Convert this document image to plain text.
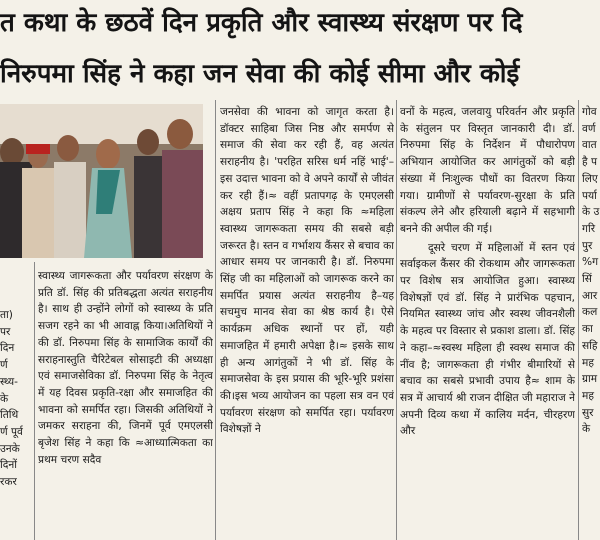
त कथा के छठवें दिन प्रकृति और स्वास्थ्य संरक्षण पर दि
निरुपमा सिंह ने कहा जन सेवा की कोई सीमा और कोई

ता)

पर

दिन

र्ण

स्थ्य-

के

तिथि

र्ण पूर्व

उनके

दिनों

रकर

स्वास्थ्य जागरूकता और पर्यावरण संरक्षण के प्रति डॉ. सिंह की प्रतिबद्धता अत्यंत सराहनीय है। साथ ही उन्होंने लोगों को स्वास्थ्य के प्रति सजग रहने का भी आवाह्न किया।अतिथियों ने की डॉ. निरुपमा सिंह के सामाजिक कार्यों की सराहनास्तुति चैरिटेबल सोसाइटी की अध्यक्षा एवं समाजसेविका डॉ. निरुपमा सिंह के नेतृत्व में यह दिवस प्रकृति-रक्षा और समाजहित की भावना को समर्पित रहा। जिसकी अतिथियों ने जमकर सराहना की, जिनमें पूर्व एमएलसी बृजेश सिंह ने कहा कि ≈आध्यात्मिकता का प्रथम चरण सदैव

जनसेवा की भावना को जागृत करता है। डॉक्टर साहिबा जिस निष्ठ और समर्पण से समाज की सेवा कर रही हैं, वह अत्यंत सराहनीय है। 'परहित सरिस धर्म नहिं भाई'–इस उदात्त भावना को वे अपने कार्यों से जीवंत कर रही हैं।≈ वहीं प्रतापगढ़ के एमएलसी अक्षय प्रताप सिंह ने कहा कि ≈महिला स्वास्थ्य जागरूकता समय की सबसे बड़ी जरूरत है। स्तन व गर्भाशय कैंसर से बचाव का आधार समय पर जानकारी है। डॉ. निरुपमा सिंह जी का महिलाओं को जागरूक करने का समर्पित प्रयास अत्यंत सराहनीय है–यह सचमुच मानव सेवा का श्रेष्ठ कार्य है। ऐसे कार्यक्रम अधिक स्थानों पर हों, यही समाजहित में हमारी अपेक्षा है।≈ इसके साथ ही अन्य आगंतुकों ने भी डॉ. सिंह के समाजसेवा के इस प्रयास की भूरि-भूरि प्रशंसा की।इस भव्य आयोजन का पहला सत्र वन एवं पर्यावरण संरक्षण को समर्पित रहा। पर्यावरण विशेषज्ञों ने

वनों के महत्व, जलवायु परिवर्तन और प्रकृति के संतुलन पर विस्तृत जानकारी दी। डॉ. निरुपमा सिंह के निर्देशन में पौधारोपण अभियान आयोजित कर आगंतुकों को बड़ी संख्या में निःशुल्क पौधों का वितरण किया गया। ग्रामीणों से पर्यावरण-सुरक्षा के प्रति संकल्प लेने और हरियाली बढ़ाने में सहभागी बनने की अपील की गई।

दूसरे चरण में महिलाओं में स्तन एवं सर्वाइकल कैंसर की रोकथाम और जागरूकता पर विशेष सत्र आयोजित हुआ। स्वास्थ्य विशेषज्ञों एवं डॉ. सिंह ने प्रारंभिक पहचान, नियमित स्वास्थ्य जांच और स्वस्थ जीवनशैली के महत्व पर विस्तार से प्रकाश डाला। डॉ. सिंह ने कहा–≈स्वस्थ महिला ही स्वस्थ समाज की नींव है; जागरूकता ही गंभीर बीमारियों से बचाव का सबसे प्रभावी उपाय है≈ शाम के सत्र में आचार्य श्री राजन दीक्षित जी महाराज ने अपनी दिव्य कथा में कालिय मर्दन, चीरहरण और

गोव

वर्ण

वात

है प

लिए

पर्या

के उ

गरि

पुर

%ग

सिं

आर

कल

का

सहि

मह

ग्राम

मह

सुर

के
